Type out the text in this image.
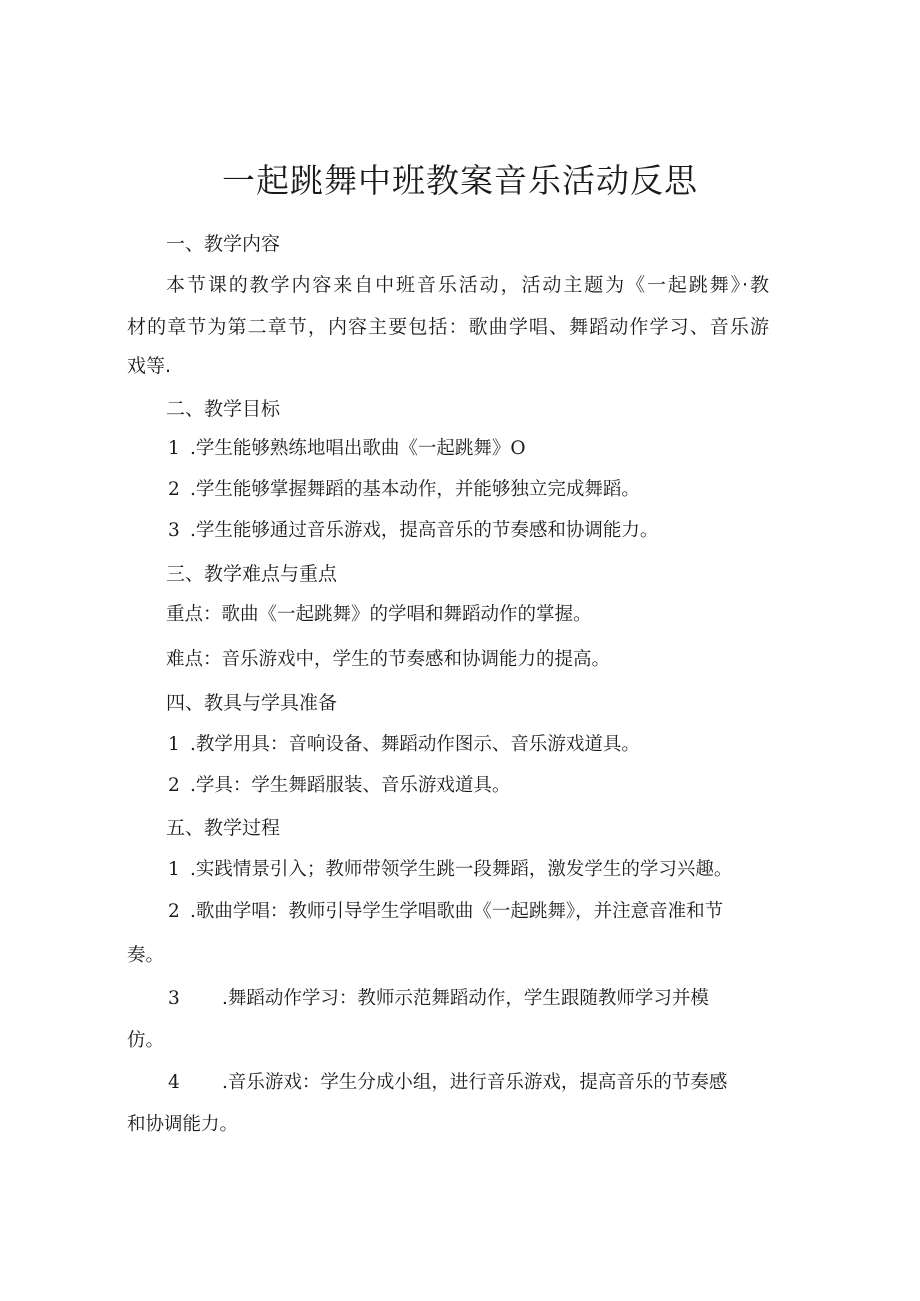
一起跳舞中班教案音乐活动反思
一、教学内容
本节课的教学内容来自中班音乐活动，活动主题为《一起跳舞》·教
材的章节为第二章节，内容主要包括：歌曲学唱、舞蹈动作学习、音乐游
戏等.
二、教学目标
1 .学生能够熟练地唱出歌曲《一起跳舞》O
2 .学生能够掌握舞蹈的基本动作，并能够独立完成舞蹈。
3 .学生能够通过音乐游戏，提高音乐的节奏感和协调能力。
三、教学难点与重点
重点：歌曲《一起跳舞》的学唱和舞蹈动作的掌握。
难点：音乐游戏中，学生的节奏感和协调能力的提高。
四、教具与学具准备
1 .教学用具：音响设备、舞蹈动作图示、音乐游戏道具。
2 .学具：学生舞蹈服装、音乐游戏道具。
五、教学过程
1 .实践情景引入；教师带领学生跳一段舞蹈，激发学生的学习兴趣。
2 .歌曲学唱：教师引导学生学唱歌曲《一起跳舞》，并注意音准和节
奏。
3 .舞蹈动作学习：教师示范舞蹈动作，学生跟随教师学习并模
仿。
4 .音乐游戏：学生分成小组，进行音乐游戏，提高音乐的节奏感
和协调能力。
